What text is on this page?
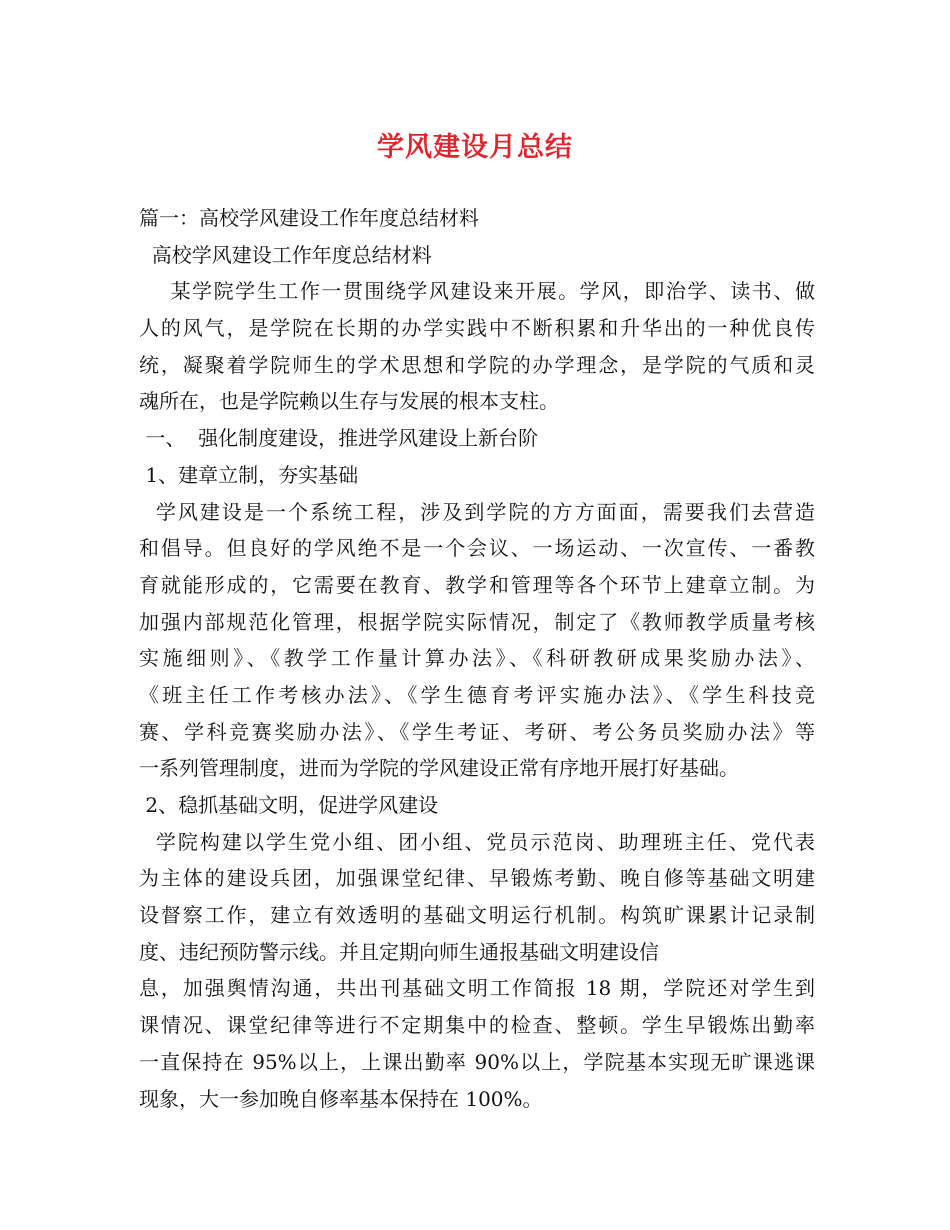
学风建设月总结
篇一：高校学风建设工作年度总结材料
高校学风建设工作年度总结材料
某学院学生工作一贯围绕学风建设来开展。学风，即治学、读书、做
人的风气，是学院在长期的办学实践中不断积累和升华出的一种优良传
统，凝聚着学院师生的学术思想和学院的办学理念，是学院的气质和灵
魂所在，也是学院赖以生存与发展的根本支柱。
一、  强化制度建设，推进学风建设上新台阶
1、建章立制，夯实基础
学风建设是一个系统工程，涉及到学院的方方面面，需要我们去营造
和倡导。但良好的学风绝不是一个会议、一场运动、一次宣传、一番教
育就能形成的，它需要在教育、教学和管理等各个环节上建章立制。为
加强内部规范化管理，根据学院实际情况，制定了《教师教学质量考核
实施细则》、《教学工作量计算办法》、《科研教研成果奖励办法》、
《班主任工作考核办法》、《学生德育考评实施办法》、《学生科技竞
赛、学科竞赛奖励办法》、《学生考证、考研、考公务员奖励办法》等
一系列管理制度，进而为学院的学风建设正常有序地开展打好基础。
2、稳抓基础文明，促进学风建设
学院构建以学生党小组、团小组、党员示范岗、助理班主任、党代表
为主体的建设兵团，加强课堂纪律、早锻炼考勤、晚自修等基础文明建
设督察工作，建立有效透明的基础文明运行机制。构筑旷课累计记录制
度、违纪预防警示线。并且定期向师生通报基础文明建设信
息，加强舆情沟通，共出刊基础文明工作简报 18 期，学院还对学生到
课情况、课堂纪律等进行不定期集中的检查、整顿。学生早锻炼出勤率
一直保持在 95%以上，上课出勤率 90%以上，学院基本实现无旷课逃课
现象，大一参加晚自修率基本保持在 100%。
